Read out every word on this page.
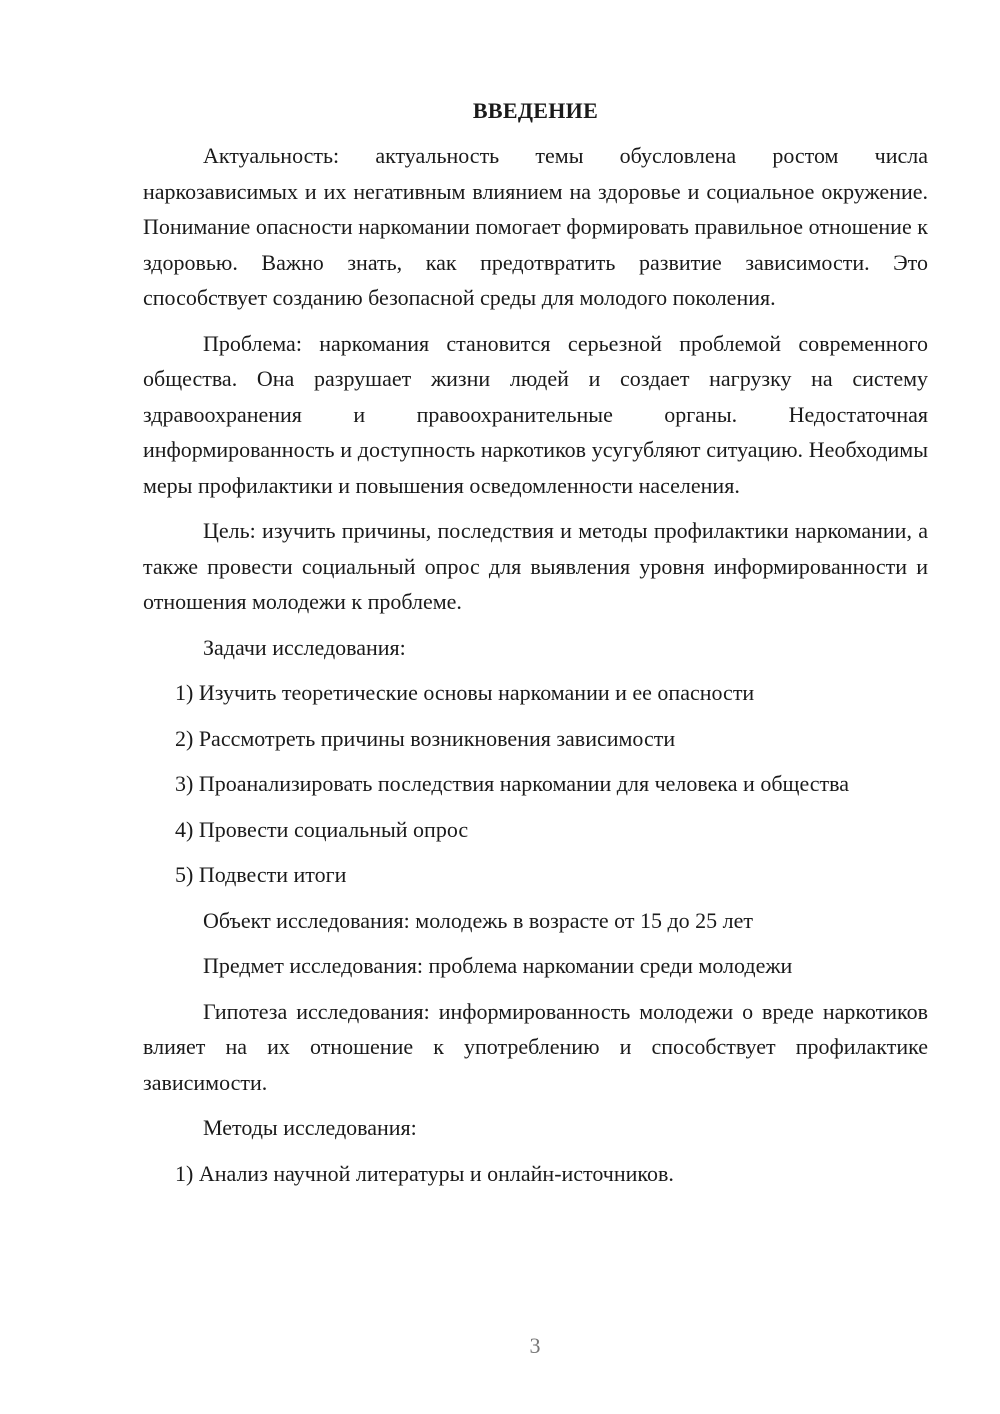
ВВЕДЕНИЕ
Актуальность: актуальность темы обусловлена ростом числа наркозависимых и их негативным влиянием на здоровье и социальное окружение. Понимание опасности наркомании помогает формировать правильное отношение к здоровью. Важно знать, как предотвратить развитие зависимости. Это способствует созданию безопасной среды для молодого поколения.
Проблема: наркомания становится серьезной проблемой современного общества. Она разрушает жизни людей и создает нагрузку на систему здравоохранения и правоохранительные органы. Недостаточная информированность и доступность наркотиков усугубляют ситуацию. Необходимы меры профилактики и повышения осведомленности населения.
Цель: изучить причины, последствия и методы профилактики наркомании, а также провести социальный опрос для выявления уровня информированности и отношения молодежи к проблеме.
Задачи исследования:
1) Изучить теоретические основы наркомании и ее опасности
2) Рассмотреть причины возникновения зависимости
3) Проанализировать последствия наркомании для человека и общества
4) Провести социальный опрос
5) Подвести итоги
Объект исследования: молодежь в возрасте от 15 до 25 лет
Предмет исследования: проблема наркомании среди молодежи
Гипотеза исследования: информированность молодежи о вреде наркотиков влияет на их отношение к употреблению и способствует профилактике зависимости.
Методы исследования:
1) Анализ научной литературы и онлайн-источников.
3
